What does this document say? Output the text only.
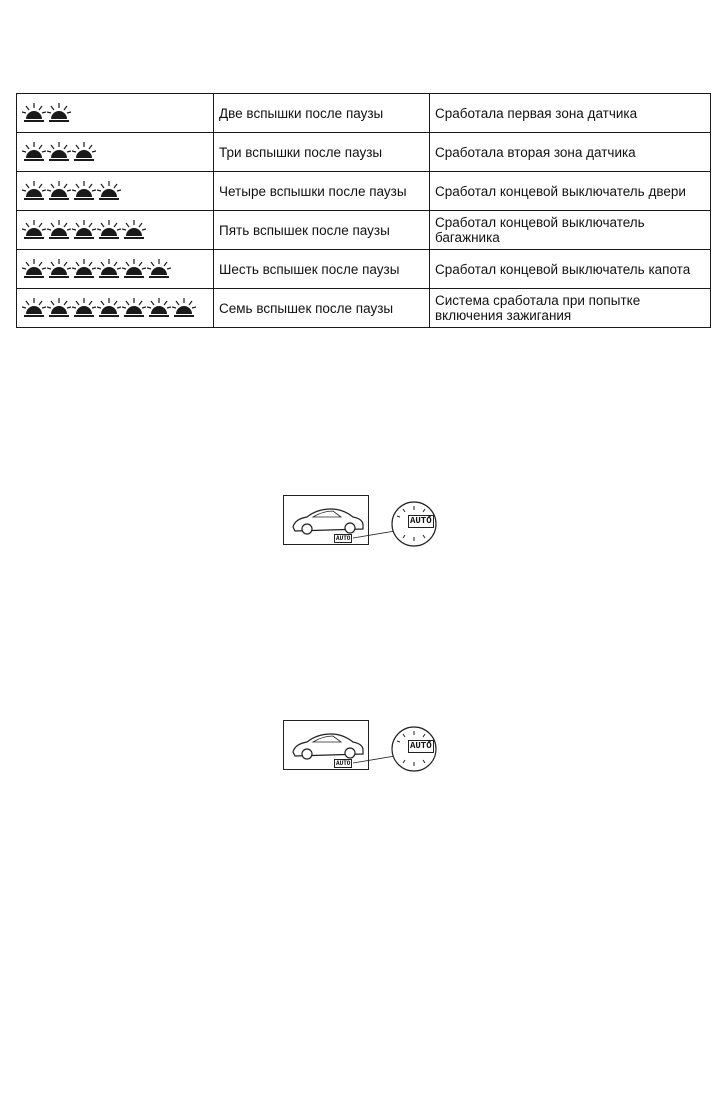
	Две вспышки после паузы	Сработала первая зона датчика

	Три вспышки после паузы	Сработала вторая зона датчика

	Четыре вспышки после паузы	Сработал концевой выключатель двери

	Пять вспышек после паузы	Сработал концевой выключатель багажника

	Шесть вспышек после паузы	Сработал концевой выключатель капота

	Семь вспышек после паузы	Система сработала при попытке включения зажигания
AUTO
AUTO
AUTO
AUTO
